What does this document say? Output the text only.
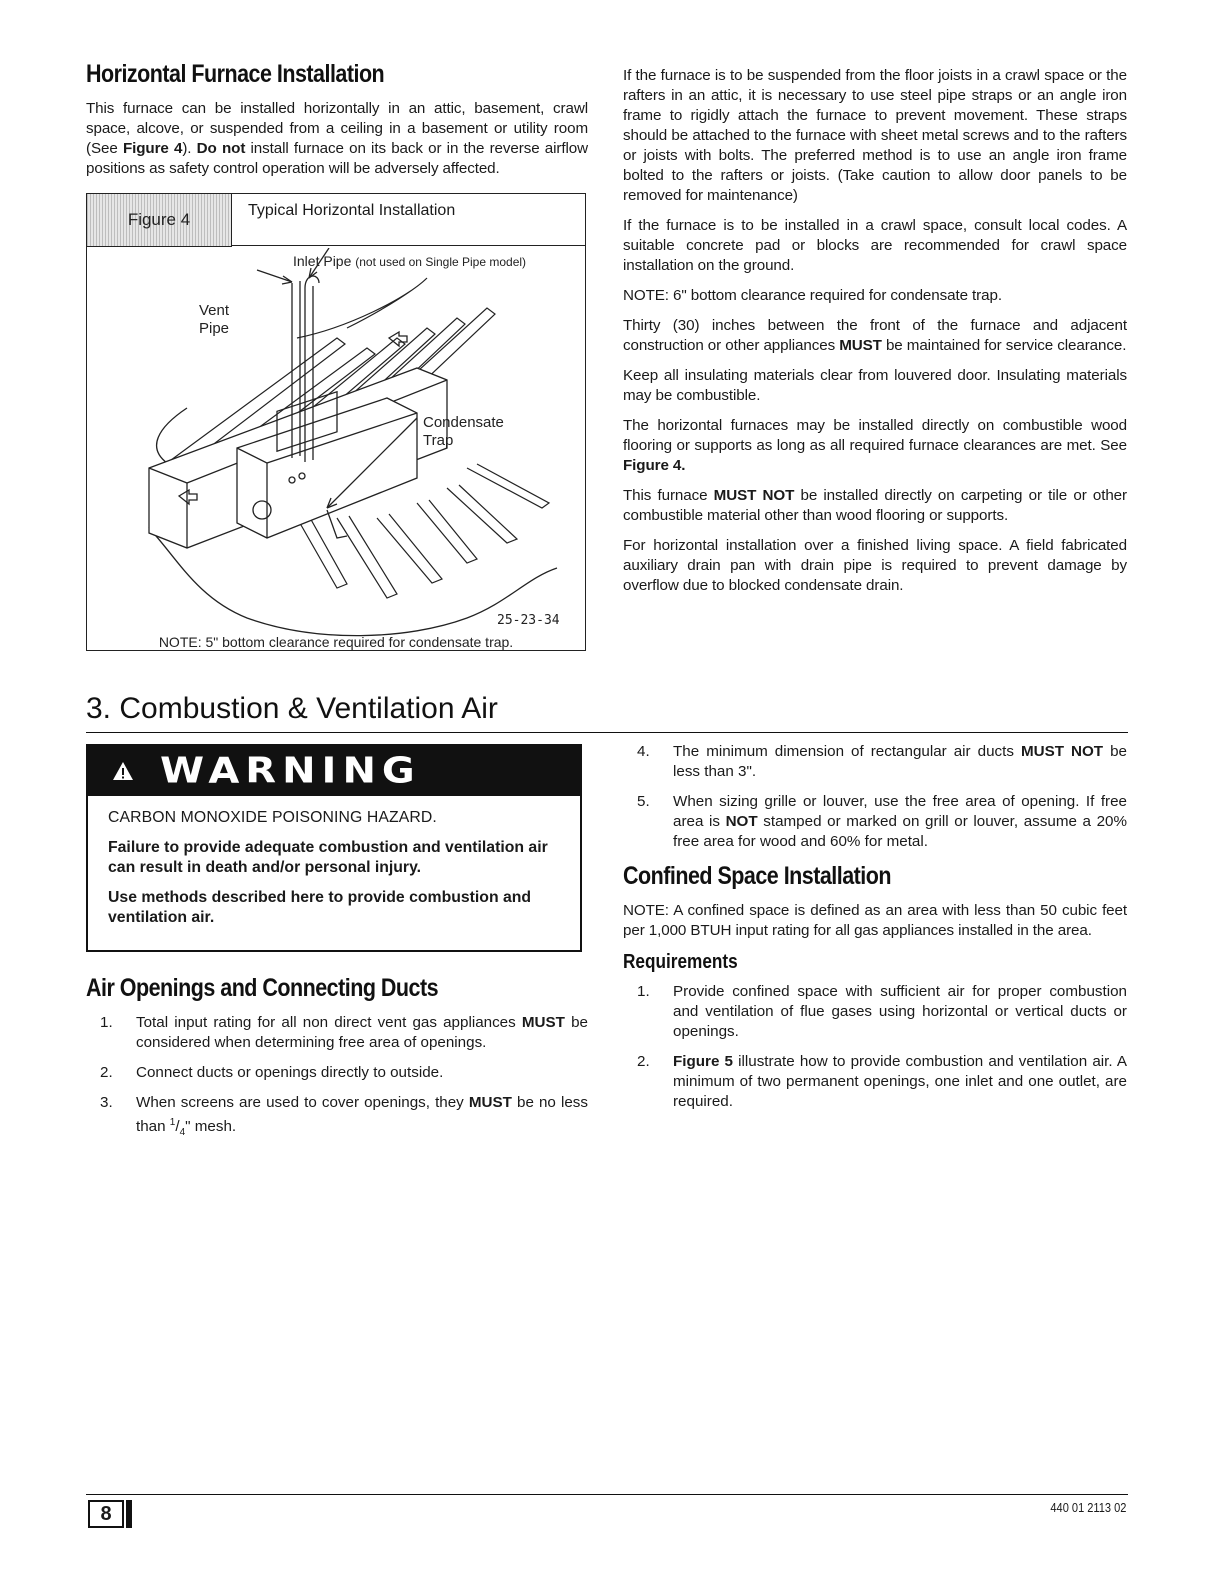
Horizontal Furnace Installation

This furnace can be installed horizontally in an attic, basement, crawl space, alcove, or suspended from a ceiling in a basement or utility room (See Figure 4). Do not install furnace on its back or in the reverse airflow positions as safety control operation will be adversely affected.

Figure 4	Typical Horizontal Installation
Inlet Pipe (not used on Single Pipe model)
Vent
Pipe
Condensate
Trap
25-23-34
NOTE: 5" bottom clearance required for condensate trap.

If the furnace is to be suspended from the floor joists in a crawl space or the rafters in an attic, it is necessary to use steel pipe straps or an angle iron frame to rigidly attach the furnace to prevent movement. These straps should be attached to the furnace with sheet metal screws and to the rafters or joists with bolts. The preferred method is to use an angle iron frame bolted to the rafters or joists. (Take caution to allow door panels to be removed for maintenance)

If the furnace is to be installed in a crawl space, consult local codes. A suitable concrete pad or blocks are recommended for crawl space installation on the ground.

NOTE: 6" bottom clearance required for condensate trap.

Thirty (30) inches between the front of the furnace and adjacent construction or other appliances MUST be maintained for service clearance.

Keep all insulating materials clear from louvered door. Insulating materials may be combustible.

The horizontal furnaces may be installed directly on combustible wood flooring or supports as long as all required furnace clearances are met. See Figure 4.

This furnace MUST NOT be installed directly on carpeting or tile or other combustible material other than wood flooring or supports.

For horizontal installation over a finished living space. A field fabricated auxiliary drain pan with drain pipe is required to prevent damage by overflow due to blocked condensate drain.

3. Combustion & Ventilation Air
WARNING

CARBON MONOXIDE POISONING HAZARD.

Failure to provide adequate combustion and ventilation air can result in death and/or personal injury.

Use methods described here to provide combustion and ventilation air.

Air Openings and Connecting Ducts
1. Total input rating for all non direct vent gas appliances MUST be considered when determining free area of openings.
2. Connect ducts or openings directly to outside.
3. When screens are used to cover openings, they MUST be no less than $^1/_4$" mesh.
4. The minimum dimension of rectangular air ducts MUST NOT be less than 3".
5. When sizing grille or louver, use the free area of opening. If free area is NOT stamped or marked on grill or louver, assume a 20% free area for wood and 60% for metal.
Confined Space Installation

NOTE: A confined space is defined as an area with less than 50 cubic feet per 1,000 BTUH input rating for all gas appliances installed in the area.

Requirements
1. Provide confined space with sufficient air for proper combustion and ventilation of flue gases using horizontal or vertical ducts or openings.
2. Figure 5 illustrate how to provide combustion and ventilation air. A minimum of two permanent openings, one inlet and one outlet, are required.
8	440 01 2113 02
